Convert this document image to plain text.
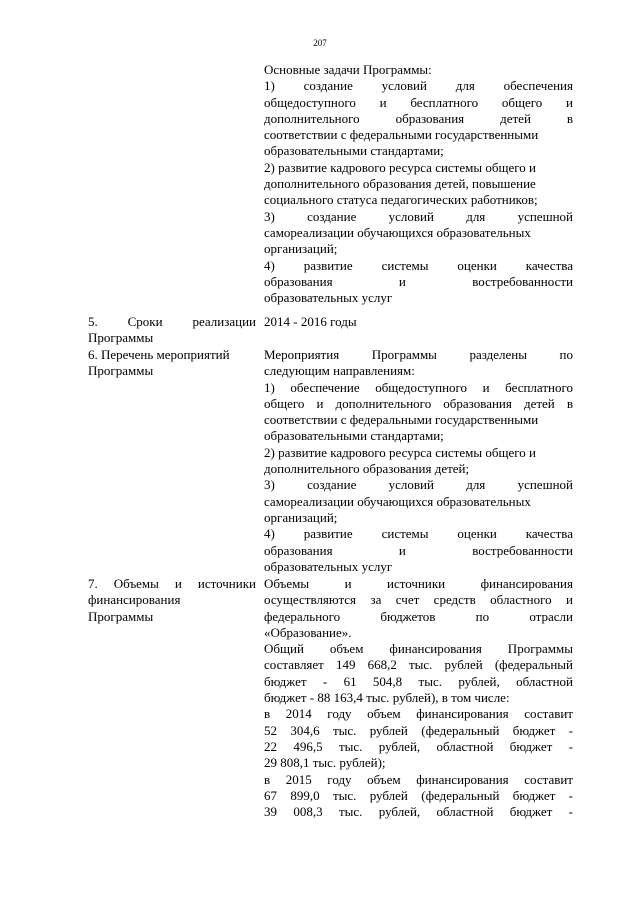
207
Основные задачи Программы:
1) создание условий для обеспечения
общедоступного и бесплатного общего и
дополнительного образования детей в
соответствии с федеральными государственными
образовательными стандартами;
2) развитие кадрового ресурса системы общего и
дополнительного образования детей, повышение
социального статуса педагогических работников;
3) создание условий для успешной
самореализации обучающихся образовательных
организаций;
4) развитие системы оценки качества
образования и востребованности
образовательных услуг
5. Сроки реализации
Программы
2014 - 2016 годы
6. Перечень мероприятий
Программы
Мероприятия Программы разделены по
следующим направлениям:
1) обеспечение общедоступного и бесплатного
общего и дополнительного образования детей в
соответствии с федеральными государственными
образовательными стандартами;
2) развитие кадрового ресурса системы общего и
дополнительного образования детей;
3) создание условий для успешной
самореализации обучающихся образовательных
организаций;
4) развитие системы оценки качества
образования и востребованности
образовательных услуг
7. Объемы и источники
финансирования
Программы
Объемы и источники финансирования
осуществляются за счет средств областного и
федерального бюджетов по отрасли
«Образование».
Общий объем финансирования Программы
составляет 149 668,2 тыс. рублей (федеральный
бюджет - 61 504,8 тыс. рублей, областной
бюджет - 88 163,4 тыс. рублей), в том числе:
в 2014 году объем финансирования составит
52 304,6 тыс. рублей (федеральный бюджет -
22 496,5 тыс. рублей, областной бюджет -
29 808,1 тыс. рублей);
в 2015 году объем финансирования составит
67 899,0 тыс. рублей (федеральный бюджет -
39 008,3 тыс. рублей, областной бюджет -
